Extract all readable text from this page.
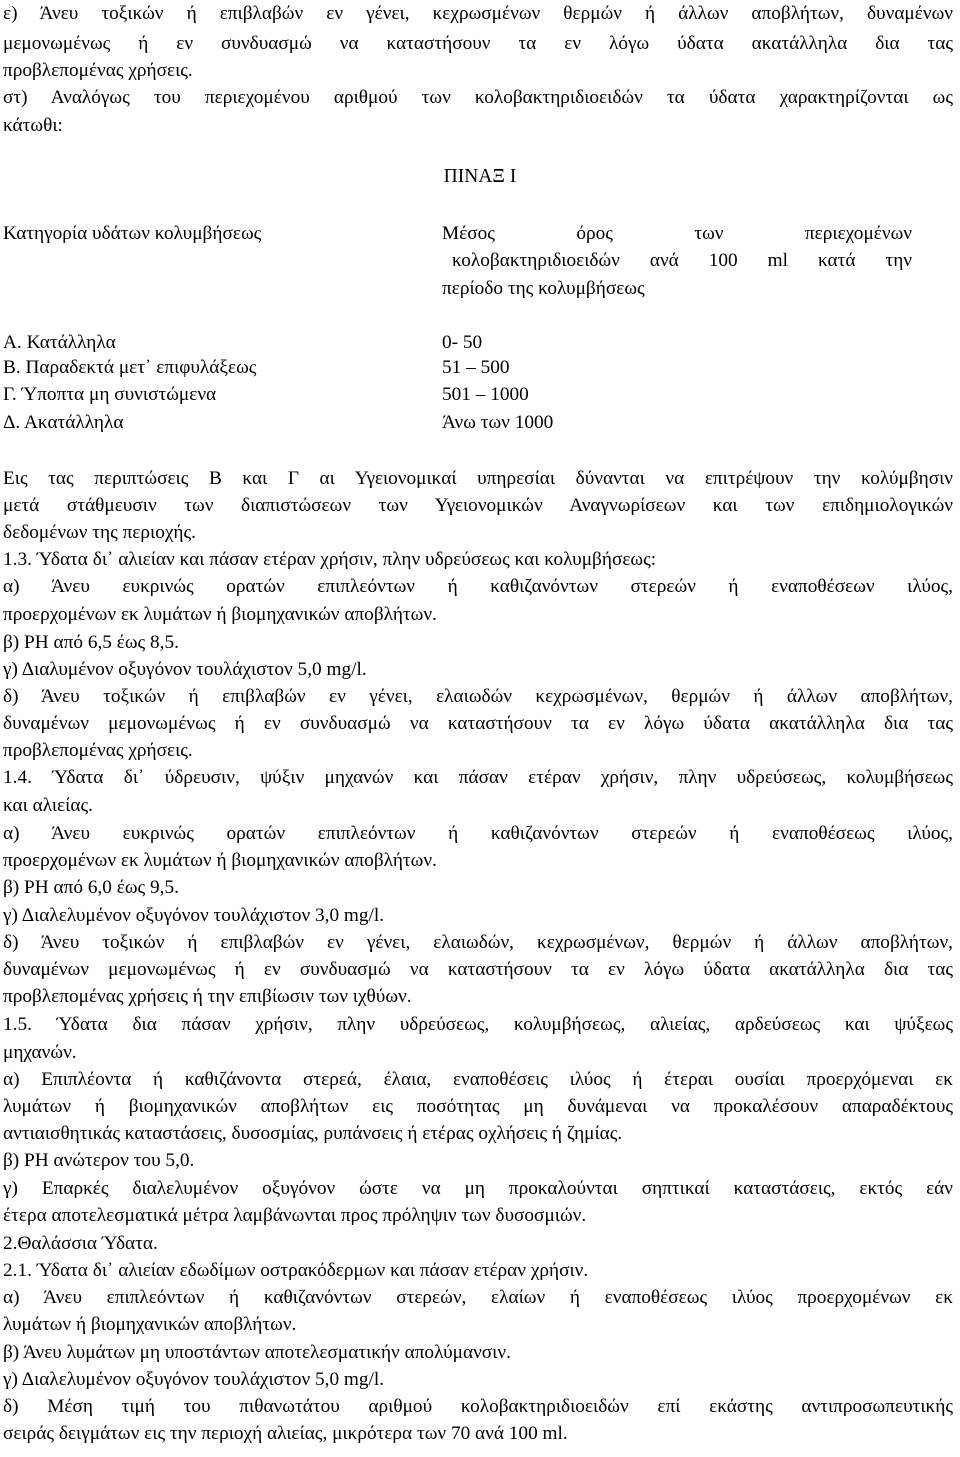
ε) Άνευ τοξικών ή επιβλαβών εν γένει, κεχρωσμένων θερμών ή άλλων αποβλήτων, δυναμένων
μεμονωμένως ή εν συνδυασμώ να καταστήσουν τα εν λόγω ύδατα ακατάλληλα δια τας
προβλεπομένας χρήσεις.
στ) Αναλόγως του περιεχομένου αριθμού των κολοβακτηριδιοειδών τα ύδατα χαρακτηρίζονται ως
κάτωθι:
ΠΙΝΑΞ Ι
Κατηγορία υδάτων κολυμβήσεως	Μέσος όρος των περιεχομένων
κολοβακτηριδιοειδών ανά 100 ml κατά την
περίοδο της κολυμβήσεως
Α. Κατάλληλα	0- 50
Β. Παραδεκτά μετ᾽ επιφυλάξεως	51 – 500
Γ. Ύποπτα μη συνιστώμενα	501 – 1000
Δ. Ακατάλληλα	Άνω των 1000
Εις τας περιπτώσεις Β και Γ αι Υγειονομικαί υπηρεσίαι δύνανται να επιτρέψουν την κολύμβησιν
μετά στάθμευσιν των διαπιστώσεων των Υγειονομικών Αναγνωρίσεων και των επιδημιολογικών
δεδομένων της περιοχής.
1.3. Ύδατα δι᾽ αλιείαν και πάσαν ετέραν χρήσιν, πλην υδρεύσεως και κολυμβήσεως:
α) Άνευ ευκρινώς ορατών επιπλεόντων ή καθιζανόντων στερεών ή εναποθέσεων ιλύος,
προερχομένων εκ λυμάτων ή βιομηχανικών αποβλήτων.
β) PH από 6,5 έως 8,5.
γ) Διαλυμένον οξυγόνον τουλάχιστον 5,0 mg/l.
δ) Άνευ τοξικών ή επιβλαβών εν γένει, ελαιωδών κεχρωσμένων, θερμών ή άλλων αποβλήτων,
δυναμένων μεμονωμένως ή εν συνδυασμώ να καταστήσουν τα εν λόγω ύδατα ακατάλληλα δια τας
προβλεπομένας χρήσεις.
1.4. Ύδατα δι᾽ ύδρευσιν, ψύξιν μηχανών και πάσαν ετέραν χρήσιν, πλην υδρεύσεως, κολυμβήσεως
και αλιείας.
α) Άνευ ευκρινώς ορατών επιπλεόντων ή καθιζανόντων στερεών ή εναποθέσεως ιλύος,
προερχομένων εκ λυμάτων ή βιομηχανικών αποβλήτων.
β) PH από 6,0 έως 9,5.
γ) Διαλελυμένον οξυγόνον τουλάχιστον 3,0 mg/l.
δ) Άνευ τοξικών ή επιβλαβών εν γένει, ελαιωδών, κεχρωσμένων, θερμών ή άλλων αποβλήτων,
δυναμένων μεμονωμένως ή εν συνδυασμώ να καταστήσουν τα εν λόγω ύδατα ακατάλληλα δια τας
προβλεπομένας χρήσεις ή την επιβίωσιν των ιχθύων.
1.5. Ύδατα δια πάσαν χρήσιν, πλην υδρεύσεως, κολυμβήσεως, αλιείας, αρδεύσεως και ψύξεως
μηχανών.
α) Επιπλέοντα ή καθιζάνοντα στερεά, έλαια, εναποθέσεις ιλύος ή έτεραι ουσίαι προερχόμεναι εκ
λυμάτων ή βιομηχανικών αποβλήτων εις ποσότητας μη δυνάμεναι να προκαλέσουν απαραδέκτους
αντιαισθητικάς καταστάσεις, δυσοσμίας, ρυπάνσεις ή ετέρας οχλήσεις ή ζημίας.
β) PH ανώτερον του 5,0.
γ) Επαρκές διαλελυμένον οξυγόνον ώστε να μη προκαλούνται σηπτικαί καταστάσεις, εκτός εάν
έτερα αποτελεσματικά μέτρα λαμβάνωνται προς πρόληψιν των δυσοσμιών.
2.Θαλάσσια Ύδατα.
2.1. Ύδατα δι᾽ αλιείαν εδωδίμων οστρακόδερμων και πάσαν ετέραν χρήσιν.
α) Άνευ επιπλεόντων ή καθιζανόντων στερεών, ελαίων ή εναποθέσεως ιλύος προερχομένων εκ
λυμάτων ή βιομηχανικών αποβλήτων.
β) Άνευ λυμάτων μη υποστάντων αποτελεσματικήν απολύμανσιν.
γ) Διαλελυμένον οξυγόνον τουλάχιστον 5,0 mg/l.
δ) Μέση τιμή του πιθανωτάτου αριθμού κολοβακτηριδιοειδών επί εκάστης αντιπροσωπευτικής
σειράς δειγμάτων εις την περιοχή αλιείας, μικρότερα των 70 ανά 100 ml.
